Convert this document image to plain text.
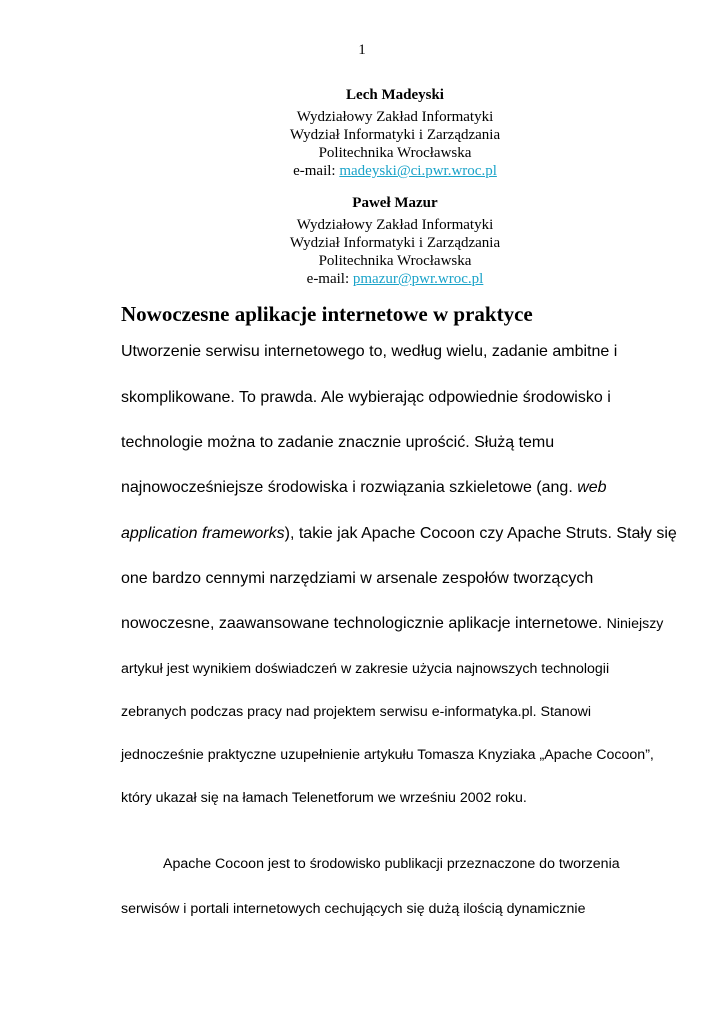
1
Lech Madeyski
Wydziałowy Zakład Informatyki
Wydział Informatyki i Zarządzania
Politechnika Wrocławska
e-mail: madeyski@ci.pwr.wroc.pl
Paweł Mazur
Wydziałowy Zakład Informatyki
Wydział Informatyki i Zarządzania
Politechnika Wrocławska
e-mail: pmazur@pwr.wroc.pl
Nowoczesne aplikacje internetowe w praktyce
Utworzenie serwisu internetowego to, według wielu, zadanie ambitne i
skomplikowane. To prawda. Ale wybierając odpowiednie środowisko i
technologie można to zadanie znacznie uprościć. Służą temu
najnowocześniejsze środowiska i rozwiązania szkieletowe (ang. web
application frameworks), takie jak Apache Cocoon czy Apache Struts. Stały się
one bardzo cennymi narzędziami w arsenale zespołów tworzących
nowoczesne, zaawansowane technologicznie aplikacje internetowe. Niniejszy
artykuł jest wynikiem doświadczeń w zakresie użycia najnowszych technologii
zebranych podczas pracy nad projektem serwisu e-informatyka.pl. Stanowi
jednocześnie praktyczne uzupełnienie artykułu Tomasza Knyziaka „Apache Cocoon”,
który ukazał się na łamach Telenetforum we wrześniu 2002 roku.
Apache Cocoon jest to środowisko publikacji przeznaczone do tworzenia
serwisów i portali internetowych cechujących się dużą ilością dynamicznie
